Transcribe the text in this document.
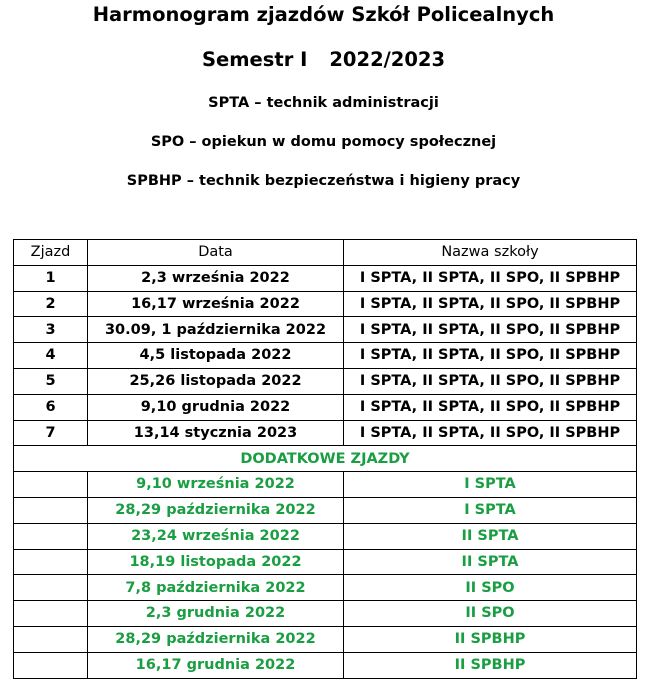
Harmonogram zjazdów Szkół Policealnych
Semestr I 2022/2023
SPTA – technik administracji
SPO – opiekun w domu pomocy społecznej
SPBHP – technik bezpieczeństwa i higieny pracy
Zjazd	Data	Nazwa szkoły
1	2,3 września 2022	I SPTA, II SPTA, II SPO, II SPBHP
2	16,17 września 2022	I SPTA, II SPTA, II SPO, II SPBHP
3	30.09, 1 października 2022	I SPTA, II SPTA, II SPO, II SPBHP
4	4,5 listopada 2022	I SPTA, II SPTA, II SPO, II SPBHP
5	25,26 listopada 2022	I SPTA, II SPTA, II SPO, II SPBHP
6	9,10 grudnia 2022	I SPTA, II SPTA, II SPO, II SPBHP
7	13,14 stycznia 2023	I SPTA, II SPTA, II SPO, II SPBHP
DODATKOWE ZJAZDY		
	9,10 września 2022	I SPTA
	28,29 października 2022	I SPTA
	23,24 września 2022	II SPTA
	18,19 listopada 2022	II SPTA
	7,8 października 2022	II SPO
	2,3 grudnia 2022	II SPO
	28,29 października 2022	II SPBHP
	16,17 grudnia 2022	II SPBHP
